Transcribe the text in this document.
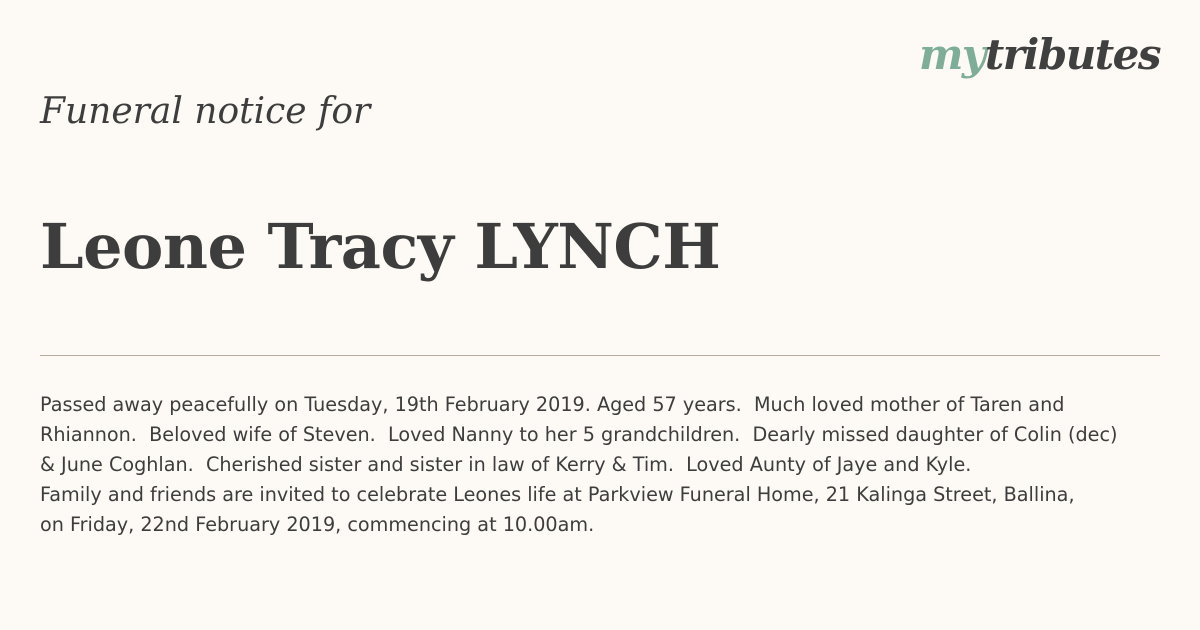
mytributes
Funeral notice for
Leone Tracy LYNCH

Passed away peacefully on Tuesday, 19th February 2019. Aged 57 years.  Much loved mother of Taren and

Rhiannon.  Beloved wife of Steven.  Loved Nanny to her 5 grandchildren.  Dearly missed daughter of Colin (dec)

& June Coghlan.  Cherished sister and sister in law of Kerry & Tim.  Loved Aunty of Jaye and Kyle.

Family and friends are invited to celebrate Leones life at Parkview Funeral Home, 21 Kalinga Street, Ballina,

on Friday, 22nd February 2019, commencing at 10.00am.
